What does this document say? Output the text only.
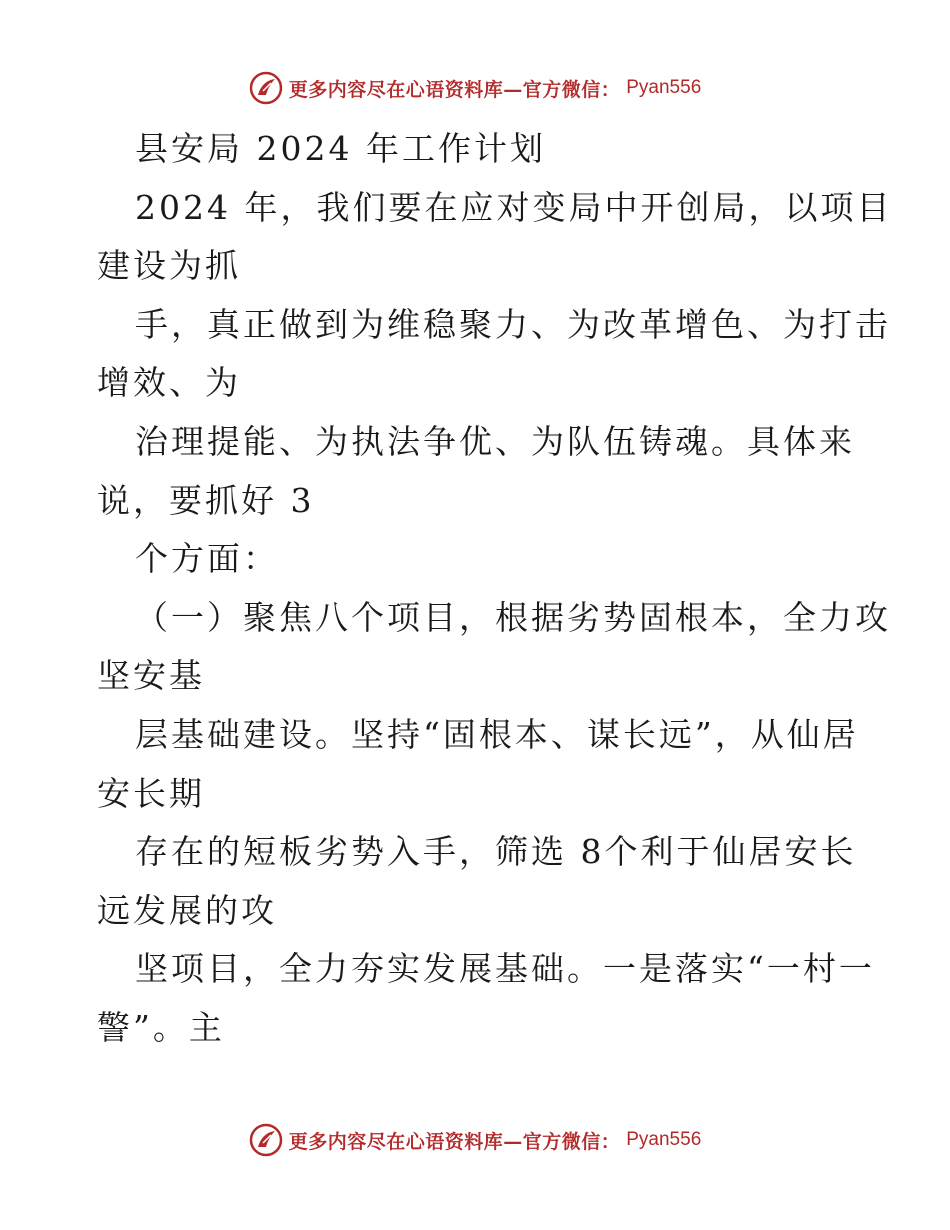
更多内容尽在心语资料库—官方微信： Pyan556
县安局 2024 年工作计划
2024 年，我们要在应对变局中开创局，以项目
建设为抓
手，真正做到为维稳聚力、为改革增色、为打击
增效、为
治理提能、为执法争优、为队伍铸魂。具体来
说，要抓好 3
个方面：
（一）聚焦八个项目，根据劣势固根本，全力攻
坚安基
层基础建设。坚持“固根本、谋长远”，从仙居
安长期
存在的短板劣势入手，筛选 8个利于仙居安长
远发展的攻
坚项目，全力夯实发展基础。一是落实“一村一
警”。主
更多内容尽在心语资料库—官方微信： Pyan556
